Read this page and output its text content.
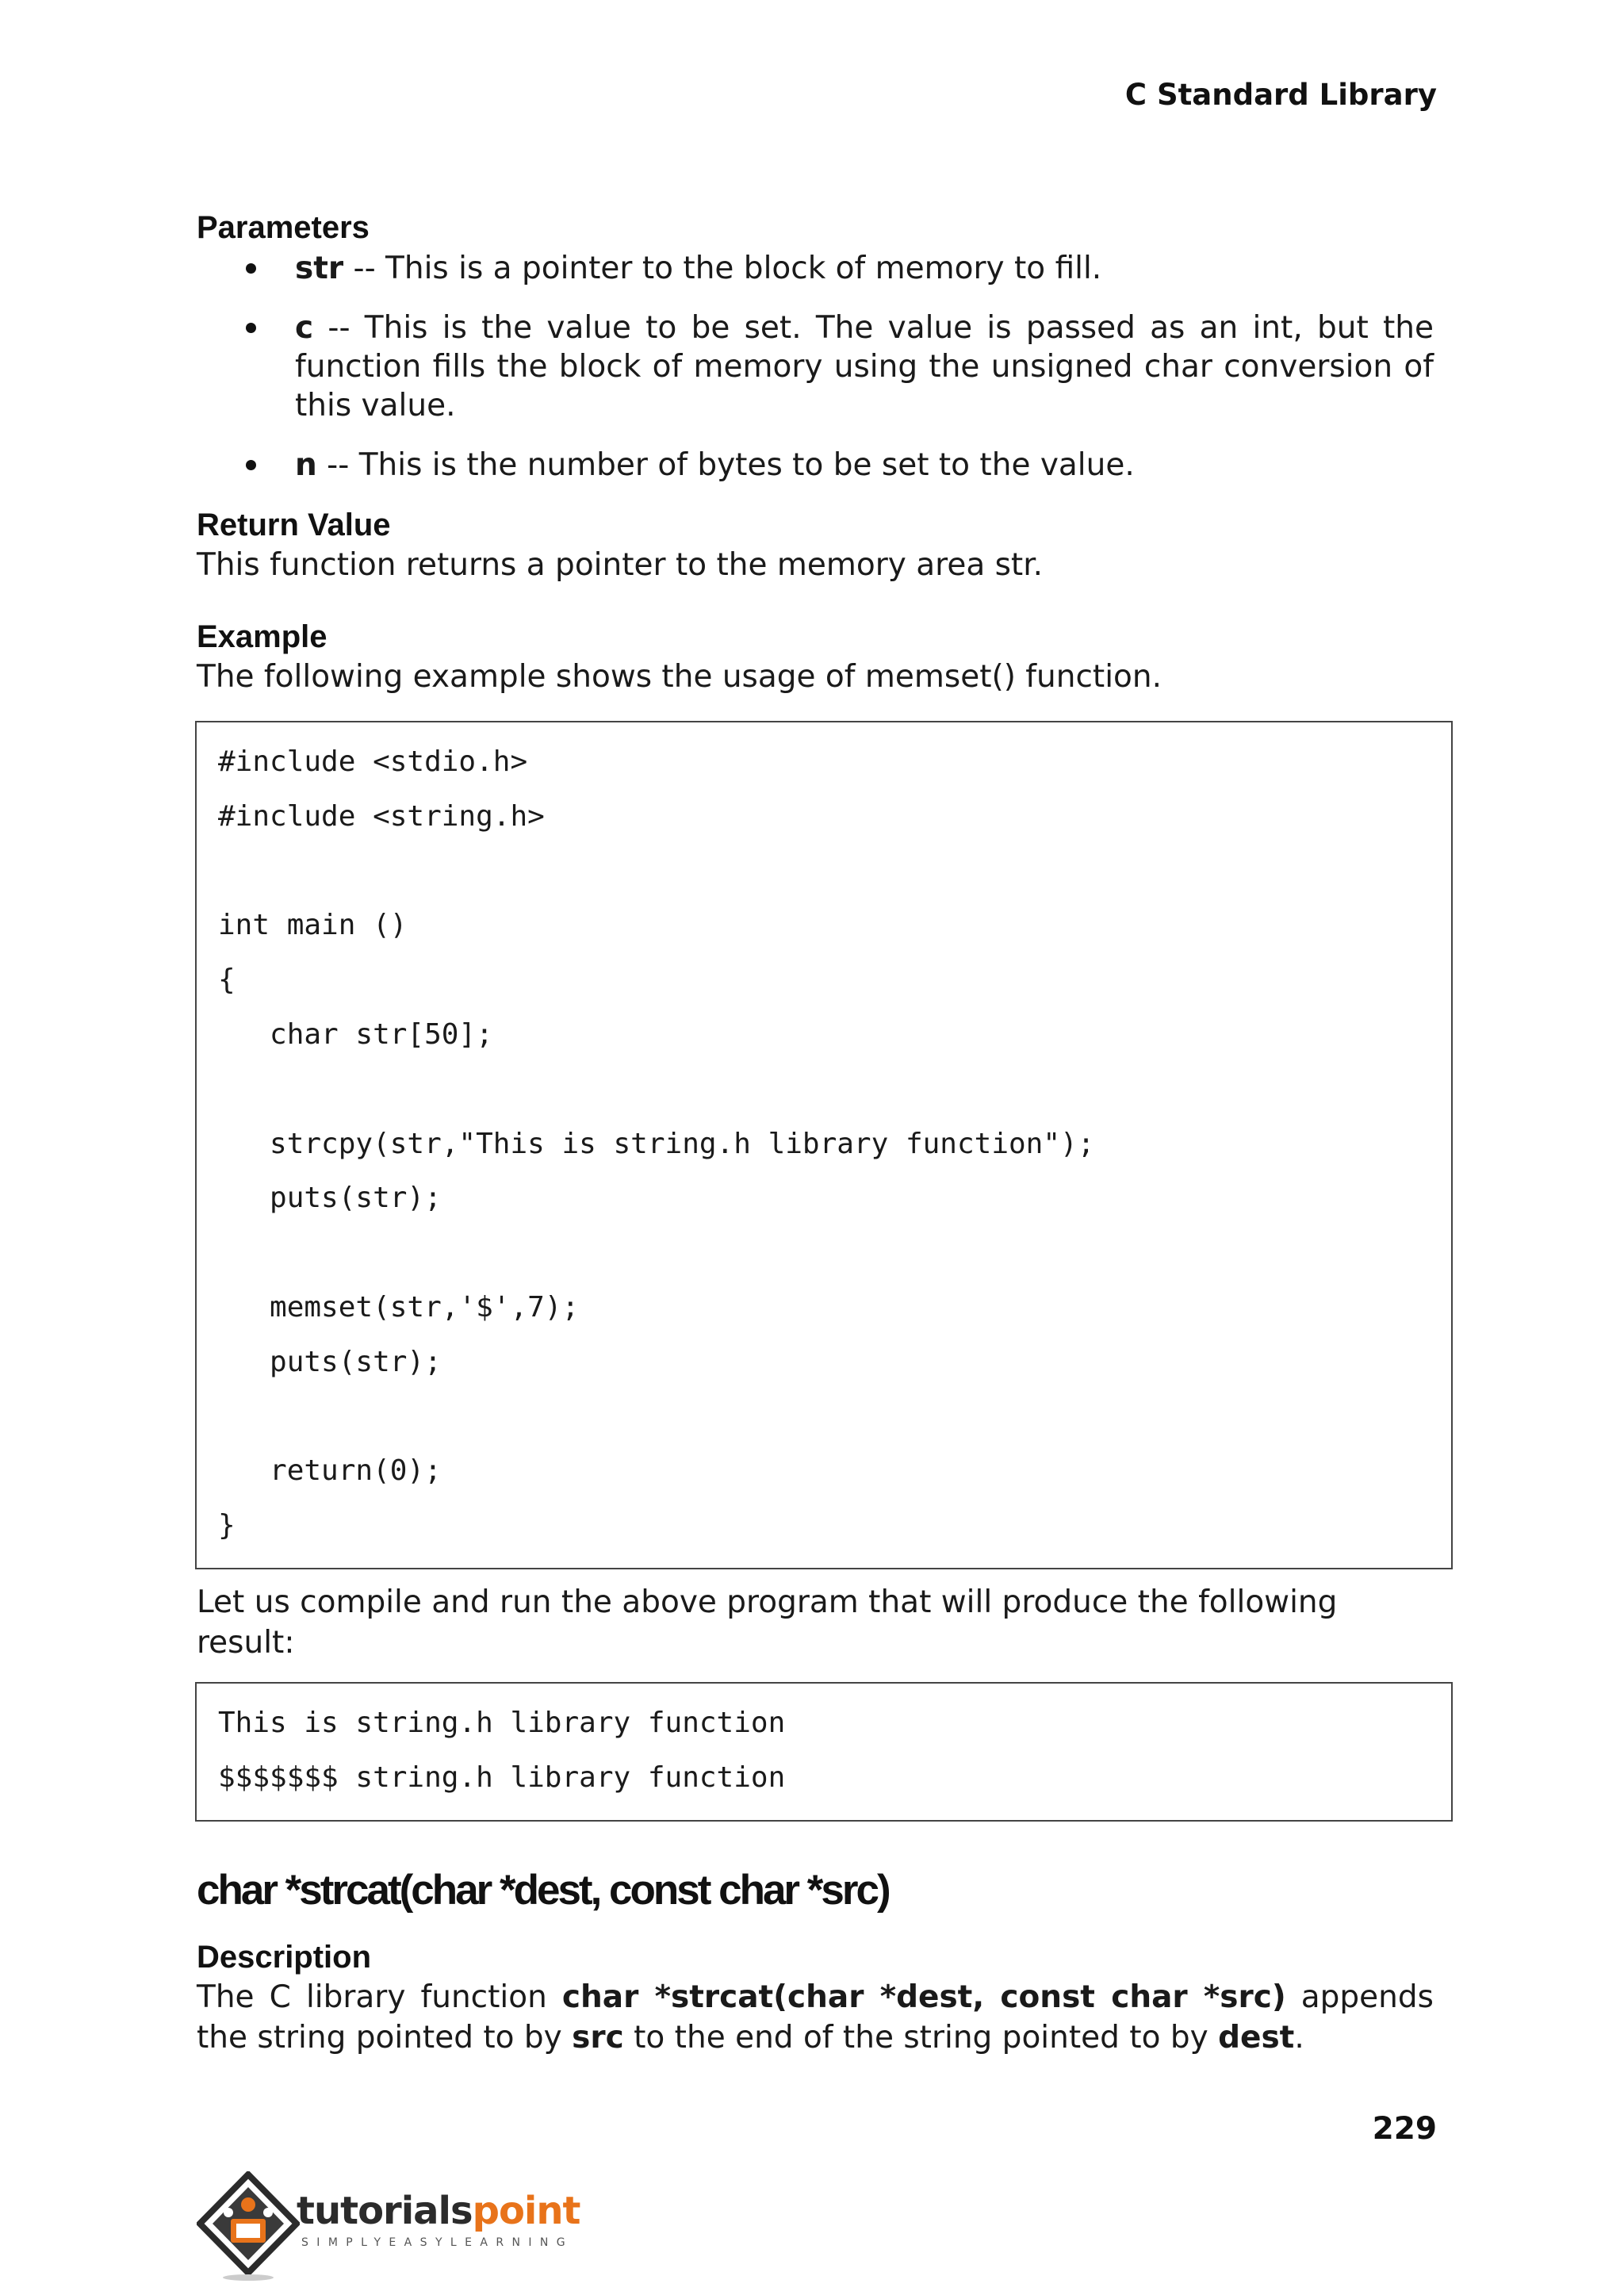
C Standard Library
Parameters
str -- This is a pointer to the block of memory to fill.
c -- This is the value to be set. The value is passed as an int, but the function fills the block of memory using the unsigned char conversion of this value.
n -- This is the number of bytes to be set to the value.
Return Value

This function returns a pointer to the memory area str.

Example

The following example shows the usage of memset() function.

#include <stdio.h>
#include <string.h>
int main ()
{
char str[50];
strcpy(str,"This is string.h library function");
puts(str);
memset(str,'$',7);
puts(str);
return(0);
}

Let us compile and run the above program that will produce the following result:

This is string.h library function
$$$$$$$ string.h library function
char *strcat(char *dest, const char *src)
Description

The C library function char *strcat(char *dest, const char *src) appends the string pointed to by src to the end of the string pointed to by dest.

229
tutorialspoint
SIMPLYEASYLEARNING
